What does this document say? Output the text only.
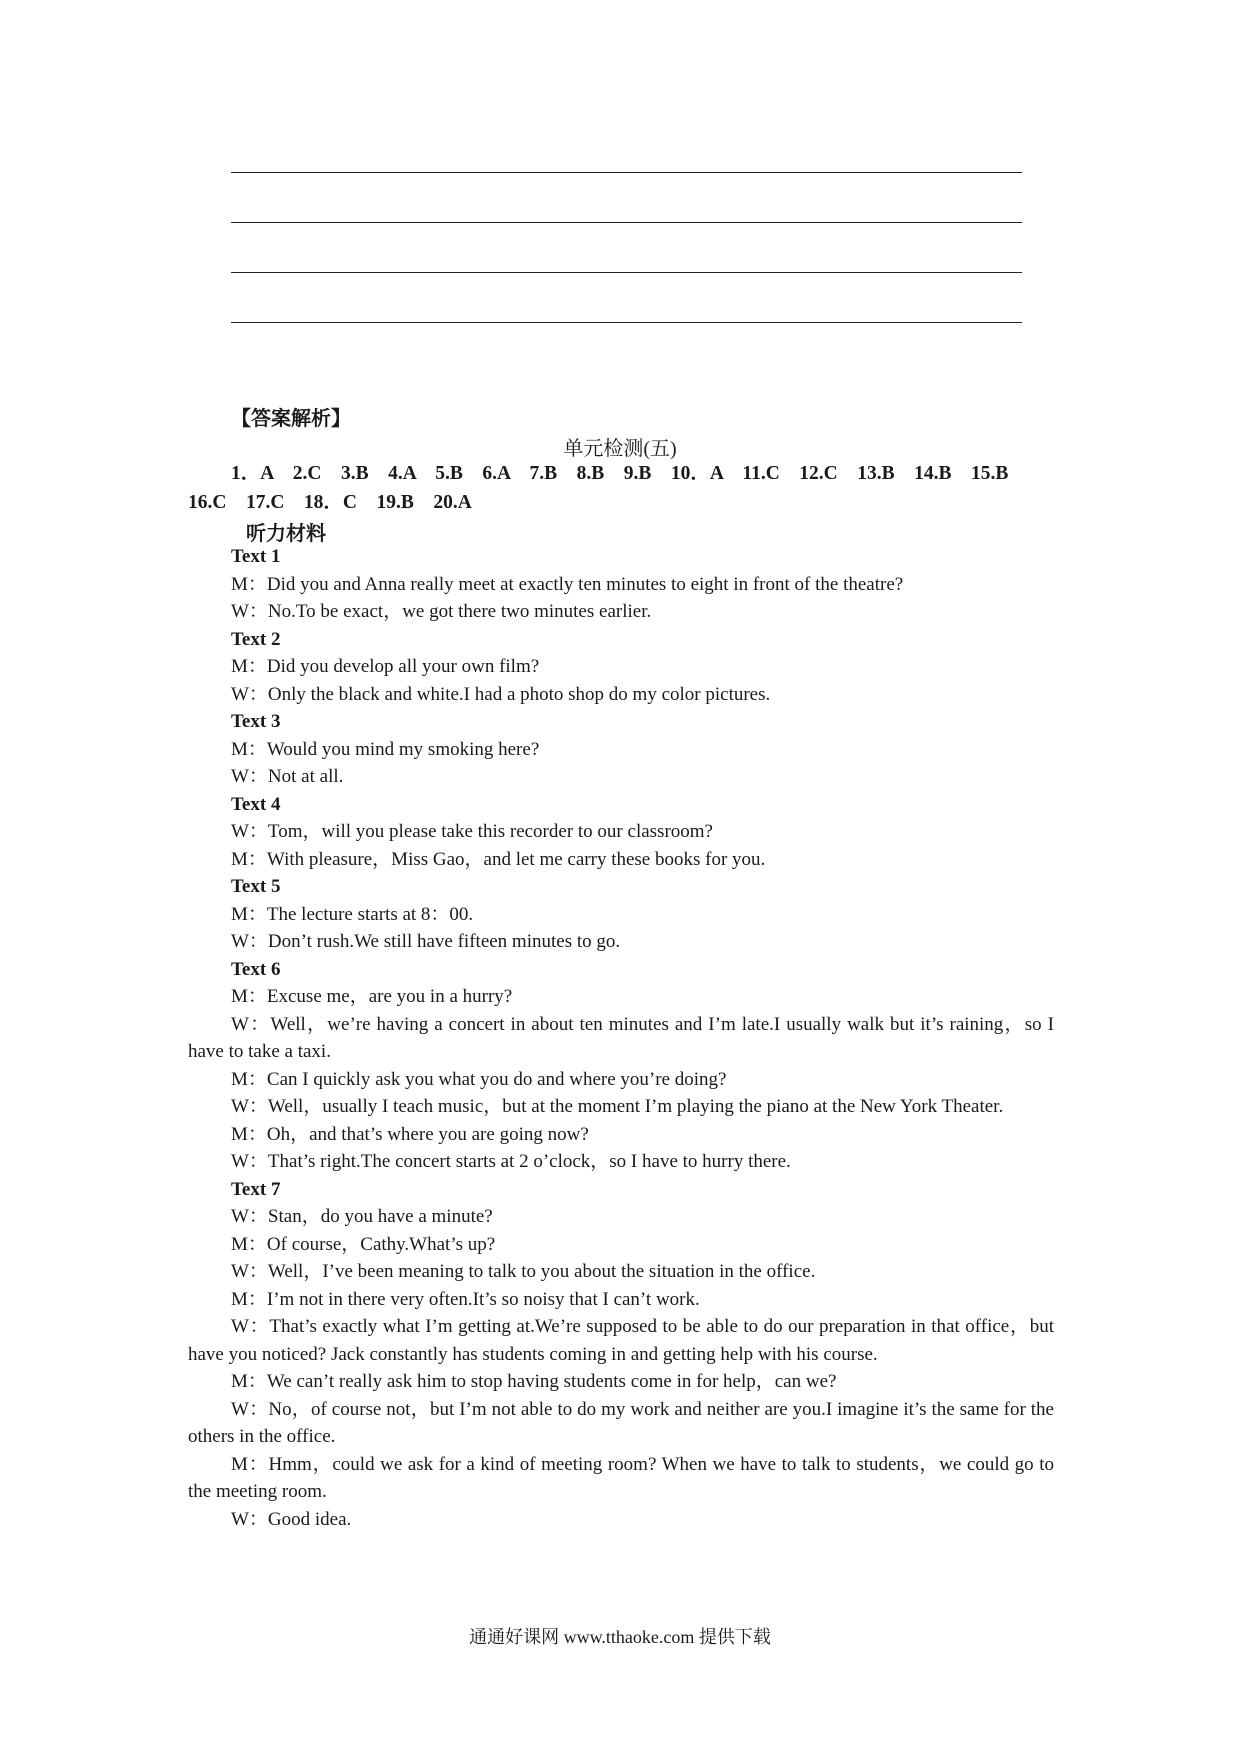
【答案解析】
单元检测(五)
1．A　2.C　3.B　4.A　5.B　6.A　7.B　8.B　9.B　10．A　11.C　12.C　13.B　14.B　15.B　16.C　17.C　18．C　19.B　20.A
听力材料
Text 1
M：Did you and Anna really meet at exactly ten minutes to eight in front of the theatre?
W：No.To be exact，we got there two minutes earlier.
Text 2
M：Did you develop all your own film?
W：Only the black and white.I had a photo shop do my color pictures.
Text 3
M：Would you mind my smoking here?
W：Not at all.
Text 4
W：Tom，will you please take this recorder to our classroom?
M：With pleasure，Miss Gao，and let me carry these books for you.
Text 5
M：The lecture starts at 8：00.
W：Don’t rush.We still have fifteen minutes to go.
Text 6
M：Excuse me，are you in a hurry?
W：Well，we’re having a concert in about ten minutes and I’m late.I usually walk but it’s raining，so I have to take a taxi.
M：Can I quickly ask you what you do and where you’re doing?
W：Well，usually I teach music，but at the moment I’m playing the piano at the New York Theater.
M：Oh，and that’s where you are going now?
W：That’s right.The concert starts at 2 o’clock，so I have to hurry there.
Text 7
W：Stan，do you have a minute?
M：Of course，Cathy.What’s up?
W：Well，I’ve been meaning to talk to you about the situation in the office.
M：I’m not in there very often.It’s so noisy that I can’t work.
W：That’s exactly what I’m getting at.We’re supposed to be able to do our preparation in that office，but have you noticed? Jack constantly has students coming in and getting help with his course.
M：We can’t really ask him to stop having students come in for help，can we?
W：No，of course not，but I’m not able to do my work and neither are you.I imagine it’s the same for the others in the office.
M：Hmm，could we ask for a kind of meeting room? When we have to talk to students，we could go to the meeting room.
W：Good idea.
通通好课网 www.tthaoke.com 提供下载
